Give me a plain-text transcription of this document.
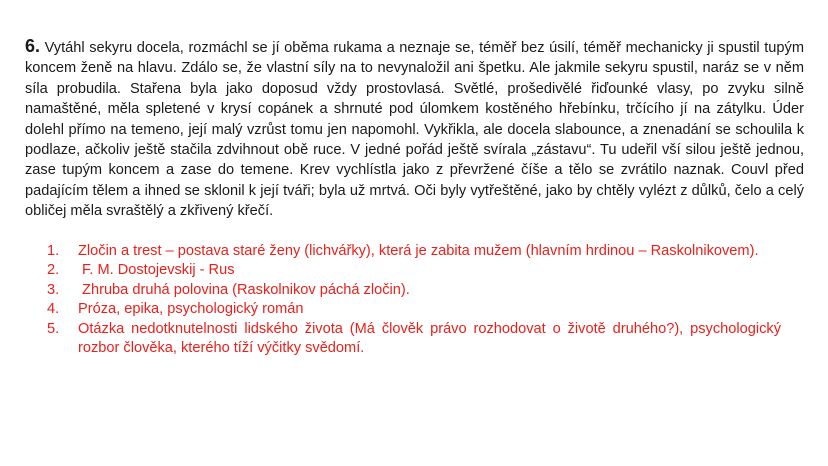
6. Vytáhl sekyru docela, rozmáchl se jí oběma rukama a neznaje se, téměř bez úsilí, téměř mechanicky ji spustil tupým koncem ženě na hlavu. Zdálo se, že vlastní síly na to nevynaložil ani špetku. Ale jakmile sekyru spustil, naráz se v něm síla probudila. Stařena byla jako doposud vždy prostovlasá. Světlé, prošedivělé řiďounké vlasy, po zvyku silně namaštěné, měla spletené v krysí copánek a shrnuté pod úlomkem kostěného hřebínku, trčícího jí na zátylku. Úder dolehl přímo na temeno, její malý vzrůst tomu jen napomohl. Vykřikla, ale docela slabounce, a znenadání se schoulila k podlaze, ačkoliv ještě stačila zdvihnout obě ruce. V jedné pořád ještě svírala „zástavu“. Tu udeřil vší silou ještě jednou, zase tupým koncem a zase do temene. Krev vychlístla jako z převržené číše a tělo se zvrátilo naznak. Couvl před padajícím tělem a ihned se sklonil k její tváři; byla už mrtvá. Oči byly vytřeštěné, jako by chtěly vylézt z důlků, čelo a celý obličej měla svraštělý a zkřivený křečí.

1. Zločin a trest – postava staré ženy (lichvářky), která je zabita mužem (hlavním hrdinou – Raskolnikovem).
2. F. M. Dostojevskij - Rus
3. Zhruba druhá polovina (Raskolnikov páchá zločin).
4. Próza, epika, psychologický román
5. Otázka nedotknutelnosti lidského života (Má člověk právo rozhodovat o životě druhého?), psychologický rozbor člověka, kterého tíží výčitky svědomí.
